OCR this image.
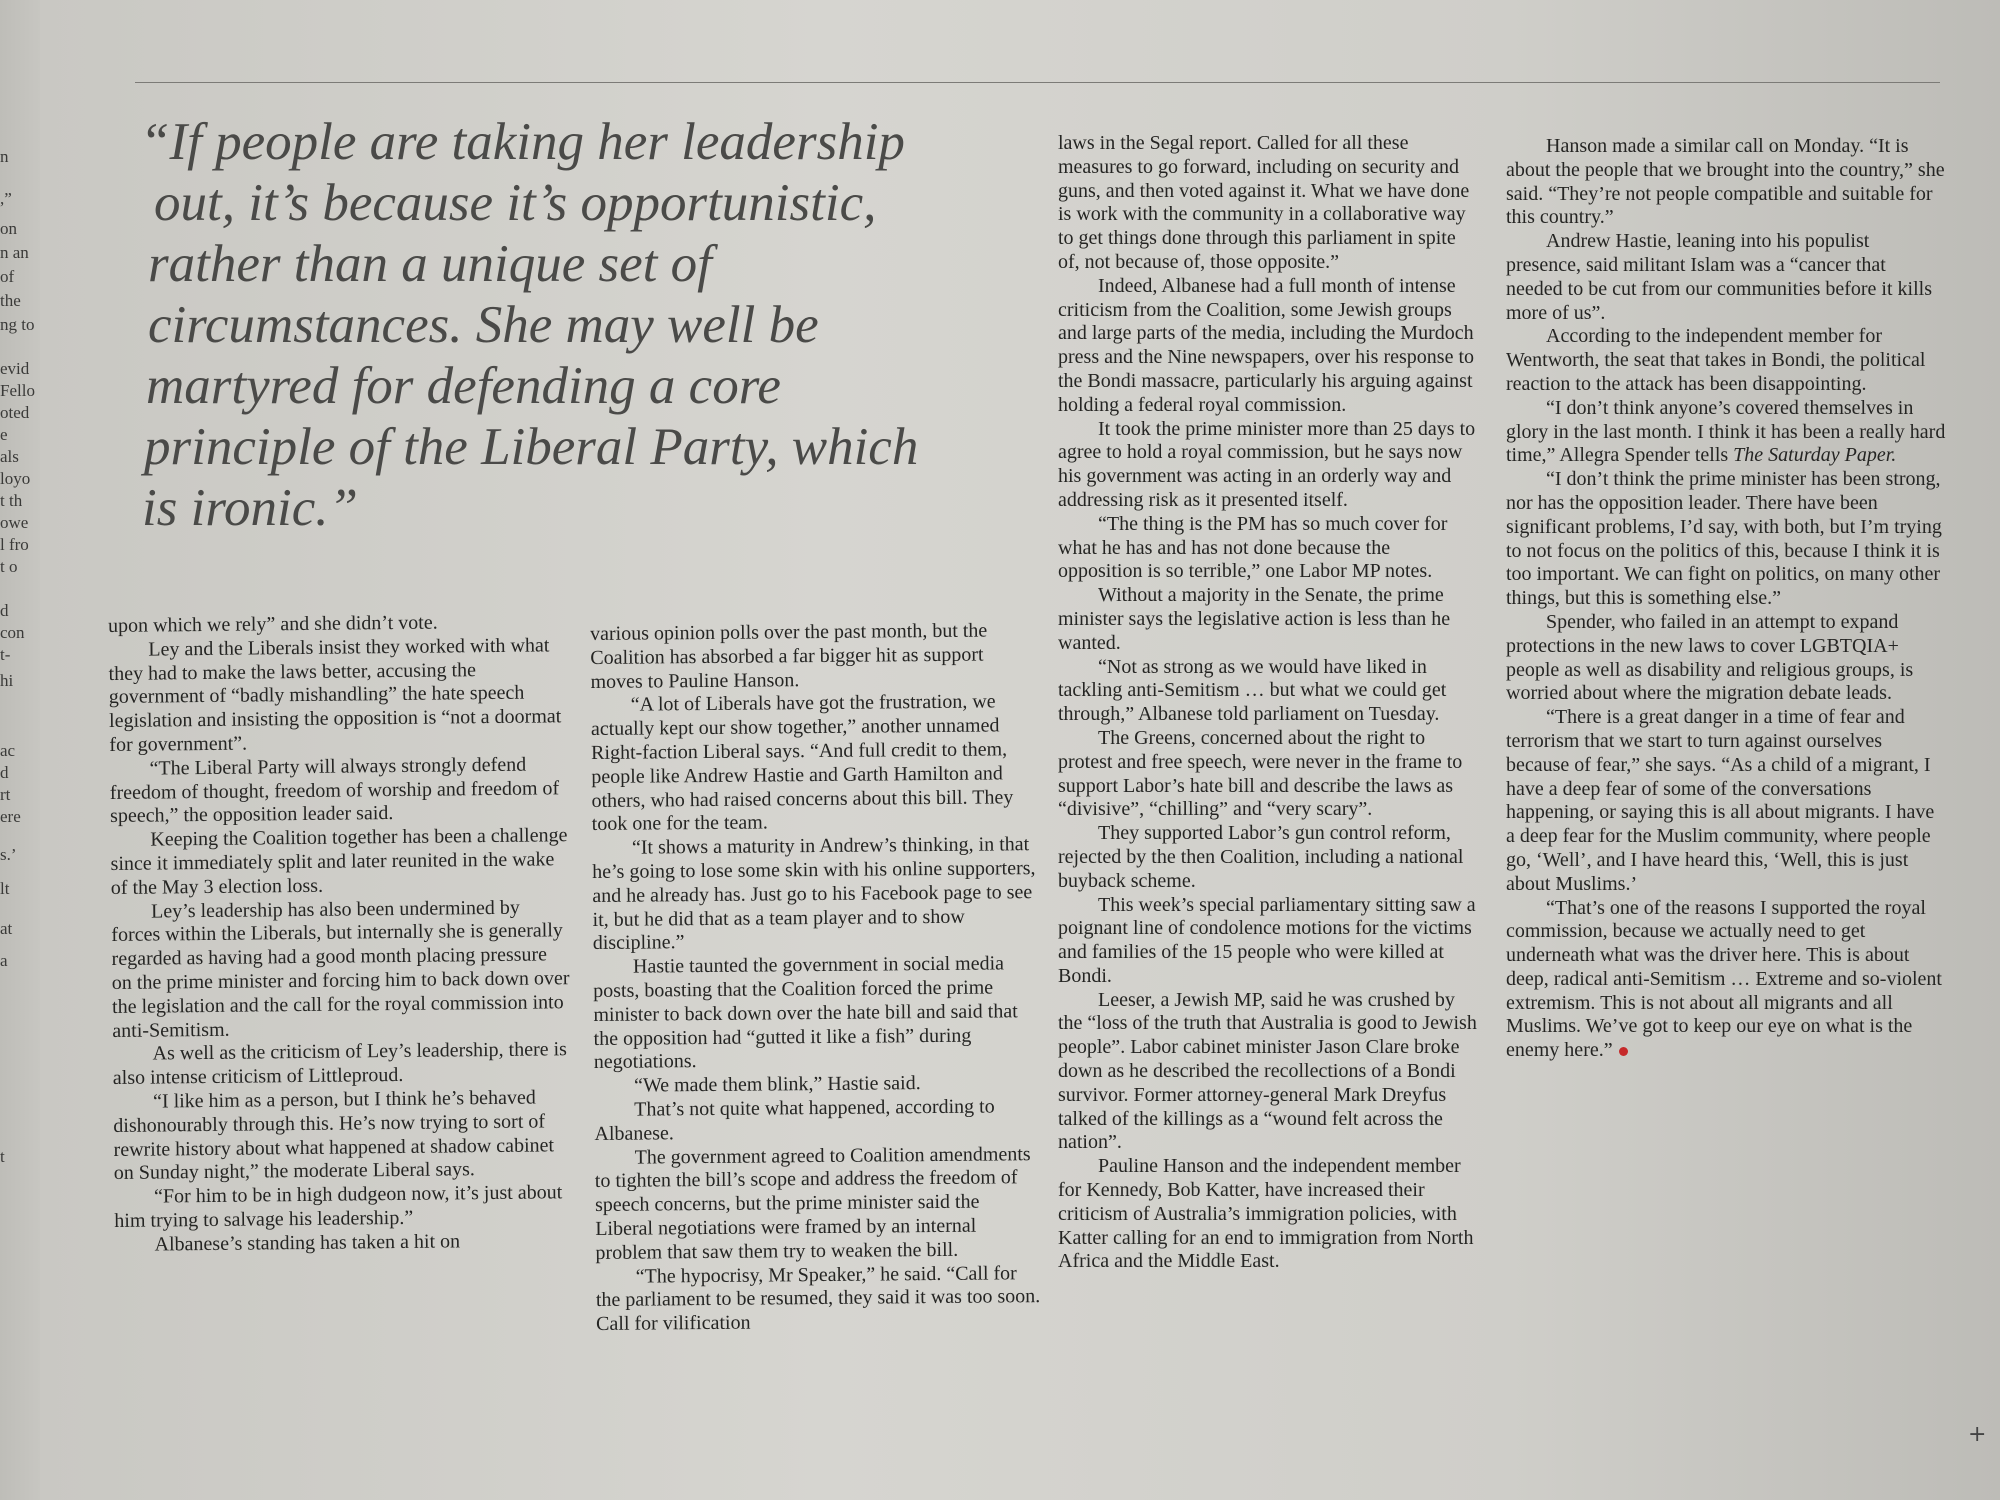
n
,”
on
n an
of
the
ng to
evid
Fello
oted
e
als
loyo
t th
owe
l fro
t o
d
con
t-
hi
ac
d
rt
ere
s.’
lt
at
a
t
“If people are taking her leadership
out, it’s because it’s opportunistic,
rather than a unique set of
circumstances. She may well be
martyred for defending a core
principle of the Liberal Party, which
is ironic.”

upon which we rely” and she didn’t vote.

Ley and the Liberals insist they worked with what they had to make the laws better, accusing the government of “badly mishandling” the hate speech legislation and insisting the opposition is “not a doormat for government”.

“The Liberal Party will always strongly defend freedom of thought, freedom of worship and freedom of speech,” the opposition leader said.

Keeping the Coalition together has been a challenge since it immediately split and later reunited in the wake of the May 3 election loss.

Ley’s leadership has also been undermined by forces within the Liberals, but internally she is generally regarded as having had a good month placing pressure on the prime minister and forcing him to back down over the legislation and the call for the royal commission into anti-Semitism.

As well as the criticism of Ley’s leadership, there is also intense criticism of Littleproud.

“I like him as a person, but I think he’s behaved dishonourably through this. He’s now trying to sort of rewrite history about what happened at shadow cabinet on Sunday night,” the moderate Liberal says.

“For him to be in high dudgeon now, it’s just about him trying to salvage his leadership.”

Albanese’s standing has taken a hit on

various opinion polls over the past month, but the Coalition has absorbed a far bigger hit as support moves to Pauline Hanson.

“A lot of Liberals have got the frustration, we actually kept our show together,” another unnamed Right-faction Liberal says. “And full credit to them, people like Andrew Hastie and Garth Hamilton and others, who had raised concerns about this bill. They took one for the team.

“It shows a maturity in Andrew’s thinking, in that he’s going to lose some skin with his online supporters, and he already has. Just go to his Facebook page to see it, but he did that as a team player and to show discipline.”

Hastie taunted the government in social media posts, boasting that the Coalition forced the prime minister to back down over the hate bill and said that the opposition had “gutted it like a fish” during negotiations.

“We made them blink,” Hastie said.

That’s not quite what happened, according to Albanese.

The government agreed to Coalition amendments to tighten the bill’s scope and address the freedom of speech concerns, but the prime minister said the Liberal negotiations were framed by an internal problem that saw them try to weaken the bill.

“The hypocrisy, Mr Speaker,” he said. “Call for the parliament to be resumed, they said it was too soon. Call for vilification

laws in the Segal report. Called for all these measures to go forward, including on security and guns, and then voted against it. What we have done is work with the community in a collaborative way to get things done through this parliament in spite of, not because of, those opposite.”

Indeed, Albanese had a full month of intense criticism from the Coalition, some Jewish groups and large parts of the media, including the Murdoch press and the Nine newspapers, over his response to the Bondi massacre, particularly his arguing against holding a federal royal commission.

It took the prime minister more than 25 days to agree to hold a royal commission, but he says now his government was acting in an orderly way and addressing risk as it presented itself.

“The thing is the PM has so much cover for what he has and has not done because the opposition is so terrible,” one Labor MP notes.

Without a majority in the Senate, the prime minister says the legislative action is less than he wanted.

“Not as strong as we would have liked in tackling anti-Semitism … but what we could get through,” Albanese told parliament on Tuesday.

The Greens, concerned about the right to protest and free speech, were never in the frame to support Labor’s hate bill and describe the laws as “divisive”, “chilling” and “very scary”.

They supported Labor’s gun control reform, rejected by the then Coalition, including a national buyback scheme.

This week’s special parliamentary sitting saw a poignant line of condolence motions for the victims and families of the 15 people who were killed at Bondi.

Leeser, a Jewish MP, said he was crushed by the “loss of the truth that Australia is good to Jewish people”. Labor cabinet minister Jason Clare broke down as he described the recollections of a Bondi survivor. Former attorney-general Mark Dreyfus talked of the killings as a “wound felt across the nation”.

Pauline Hanson and the independent member for Kennedy, Bob Katter, have increased their criticism of Australia’s immigration policies, with Katter calling for an end to immigration from North Africa and the Middle East.

Hanson made a similar call on Monday. “It is about the people that we brought into the country,” she said. “They’re not people compatible and suitable for this country.”

Andrew Hastie, leaning into his populist presence, said militant Islam was a “cancer that needed to be cut from our communities before it kills more of us”.

According to the independent member for Wentworth, the seat that takes in Bondi, the political reaction to the attack has been disappointing.

“I don’t think anyone’s covered themselves in glory in the last month. I think it has been a really hard time,” Allegra Spender tells The Saturday Paper.

“I don’t think the prime minister has been strong, nor has the opposition leader. There have been significant problems, I’d say, with both, but I’m trying to not focus on the politics of this, because I think it is too important. We can fight on politics, on many other things, but this is something else.”

Spender, who failed in an attempt to expand protections in the new laws to cover LGBTQIA+ people as well as disability and religious groups, is worried about where the migration debate leads.

“There is a great danger in a time of fear and terrorism that we start to turn against ourselves because of fear,” she says. “As a child of a migrant, I have a deep fear of some of the conversations happening, or saying this is all about migrants. I have a deep fear for the Muslim community, where people go, ‘Well’, and I have heard this, ‘Well, this is just about Muslims.’

“That’s one of the reasons I supported the royal commission, because we actually need to get underneath what was the driver here. This is about deep, radical anti-Semitism … Extreme and so-violent extremism. This is not about all migrants and all Muslims. We’ve got to keep our eye on what is the enemy here.”

+
